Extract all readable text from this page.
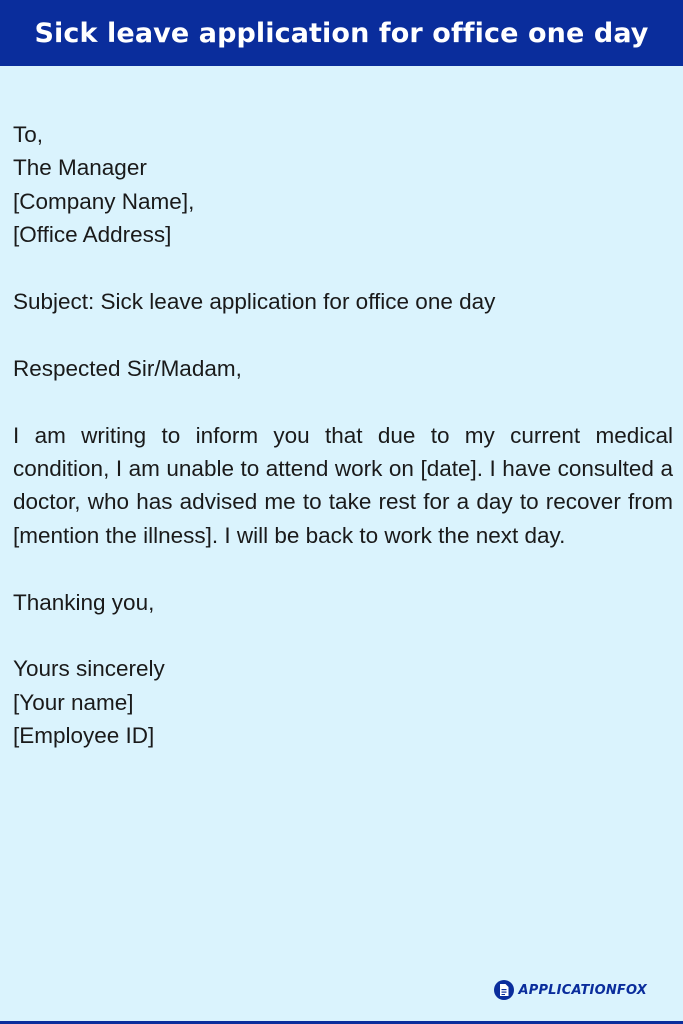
Sick leave application for office one day
To,
The Manager
[Company Name],
[Office Address]
Subject: Sick leave application for office one day
Respected Sir/Madam,
I am writing to inform you that due to my current medical condition, I am unable to attend work on [date]. I have consulted a doctor, who has advised me to take rest for a day to recover from [mention the illness]. I will be back to work the next day.
Thanking you,
Yours sincerely
[Your name]
[Employee ID]
APPLICATIONFOX
